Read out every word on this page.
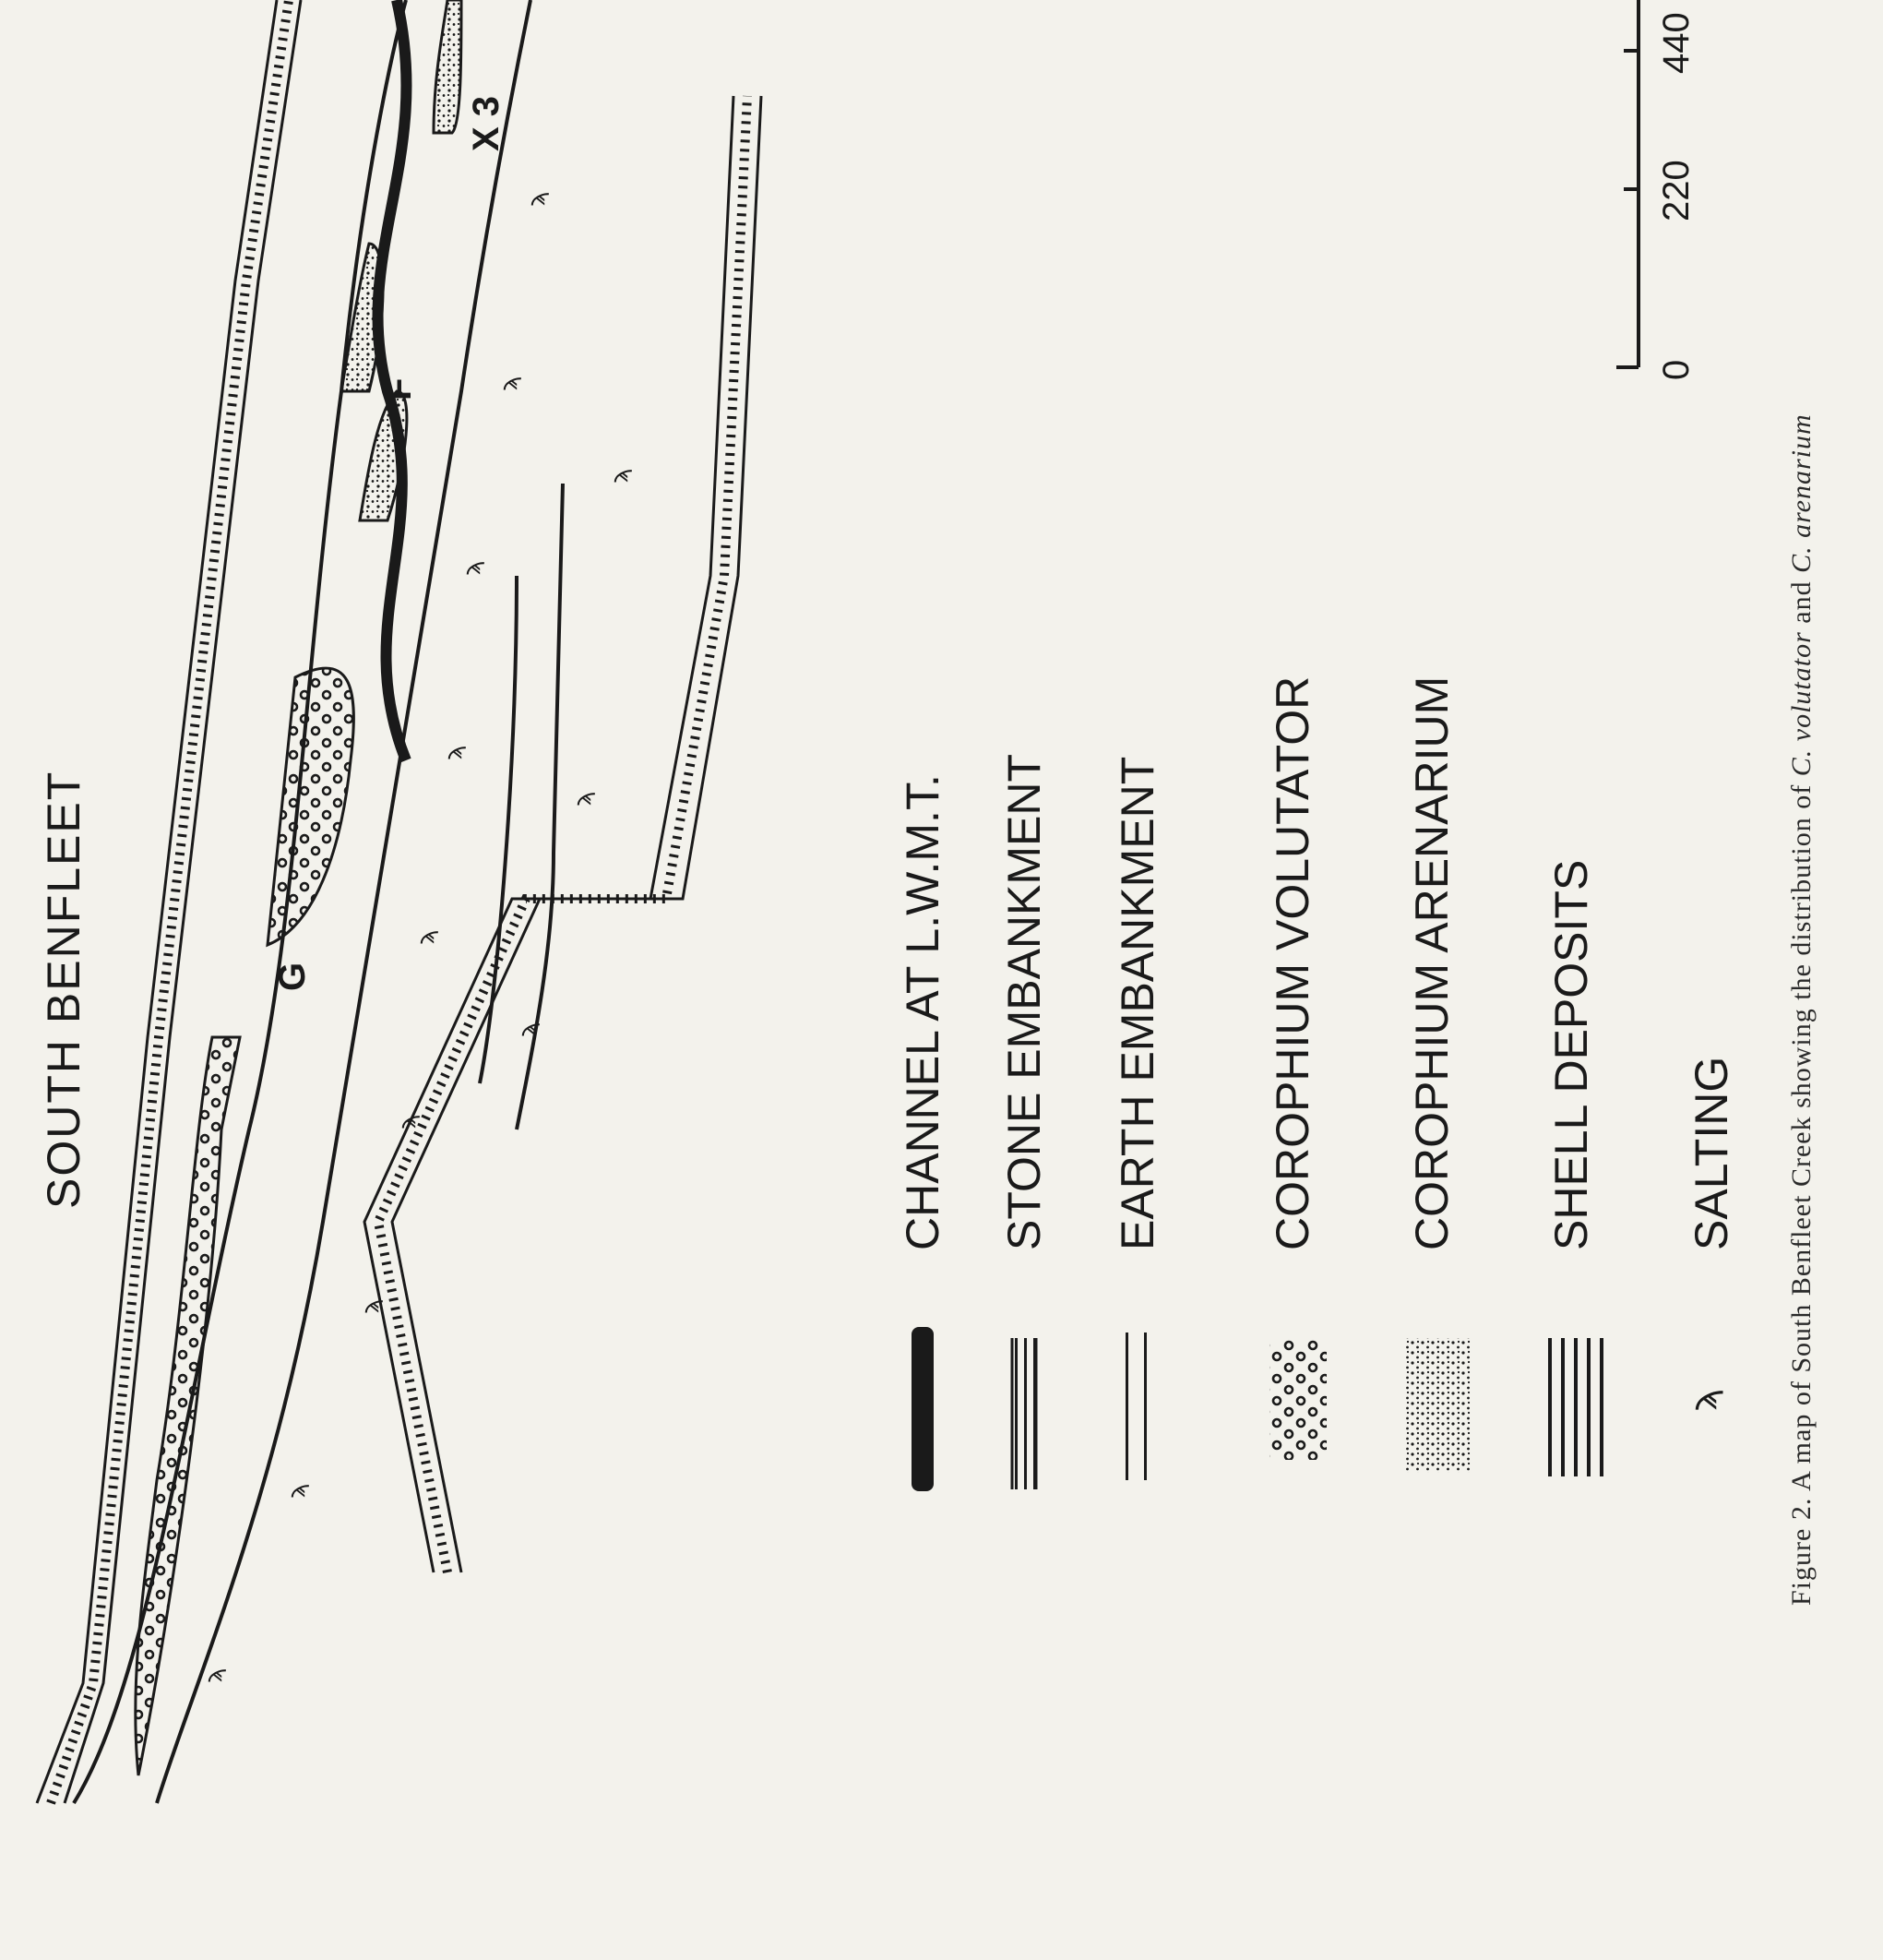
G
F
X 3
ϡ
ϡ
ϡ
ϡ
ϡ
ϡ
ϡ
ϡ
ϡ
ϡ
ϡ
ϡ
SOUTH BENFLEET
ϡ
CHANNEL AT L.W.M.T. STONE EMBANKMENT EARTH EMBANKMENT COROPHIUM VOLUTATOR COROPHIUM ARENARIUM SHELL DEPOSITS SALTING
0
220
440
Figure 2. A map of South Benfleet Creek showing the distribution of C. volutator and C. arenarium
